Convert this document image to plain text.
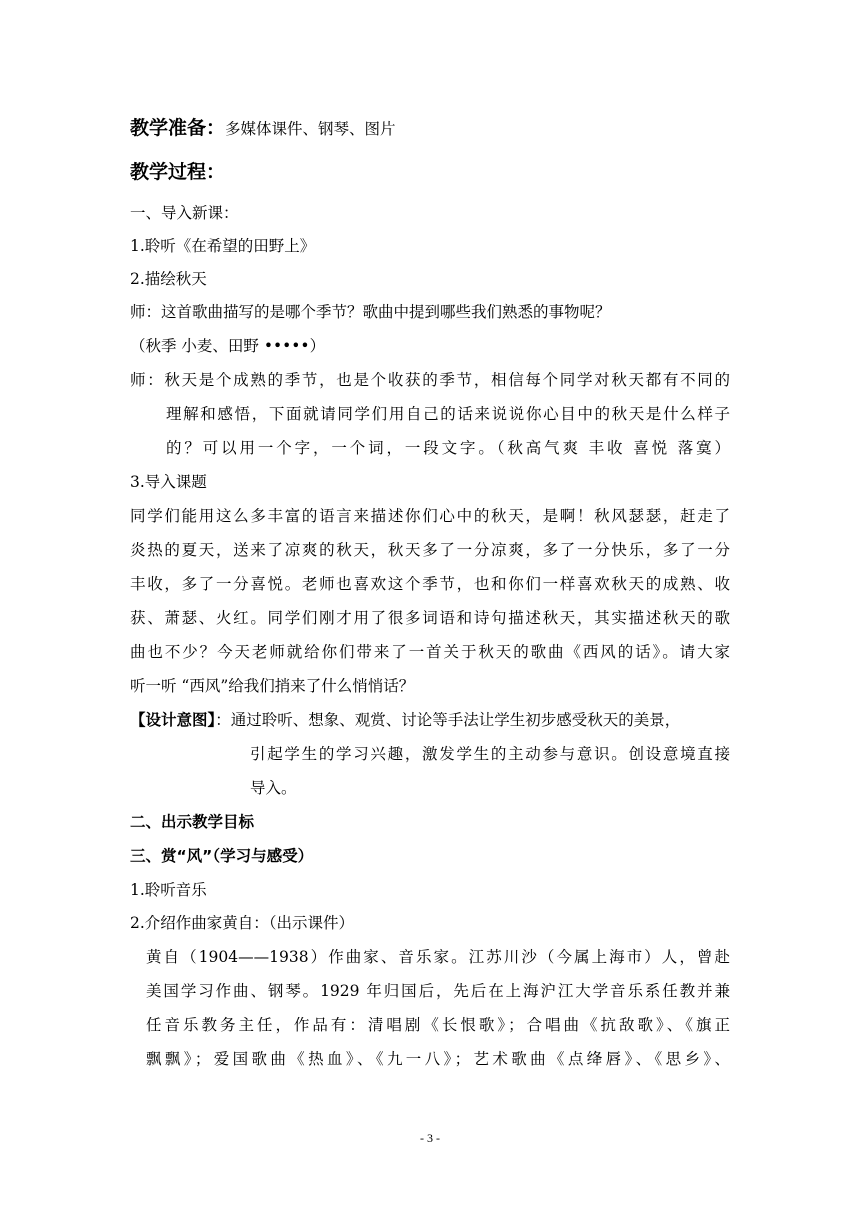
教学准备：多媒体课件、钢琴、图片
教学过程：
一、导入新课：
1.聆听《在希望的田野上》
2.描绘秋天
师：这首歌曲描写的是哪个季节？歌曲中提到哪些我们熟悉的事物呢？
（秋季 小麦、田野 •••••）
师：秋天是个成熟的季节，也是个收获的季节，相信每个同学对秋天都有不同的
理解和感悟，下面就请同学们用自己的话来说说你心目中的秋天是什么样子
的？可以用一个字，一个词，一段文字。（秋高气爽 丰收 喜悦 落寞）
3.导入课题
同学们能用这么多丰富的语言来描述你们心中的秋天，是啊！秋风瑟瑟，赶走了
炎热的夏天，送来了凉爽的秋天，秋天多了一分凉爽，多了一分快乐，多了一分
丰收，多了一分喜悦。老师也喜欢这个季节，也和你们一样喜欢秋天的成熟、收
获、萧瑟、火红。同学们刚才用了很多词语和诗句描述秋天，其实描述秋天的歌
曲也不少？今天老师就给你们带来了一首关于秋天的歌曲《西风的话》。请大家
听一听 “西风”给我们捎来了什么悄悄话？
【设计意图】：通过聆听、想象、观赏、讨论等手法让学生初步感受秋天的美景，
引起学生的学习兴趣，激发学生的主动参与意识。创设意境直接
导入。
二、出示教学目标
三、赏“风”（学习与感受）
1.聆听音乐
2.介绍作曲家黄自：（出示课件）
黄自（1904——1938）作曲家、音乐家。江苏川沙（今属上海市）人，曾赴
美国学习作曲、钢琴。1929 年归国后，先后在上海沪江大学音乐系任教并兼
任音乐教务主任，作品有：清唱剧《长恨歌》；合唱曲《抗敌歌》、《旗正
飘飘》；爱国歌曲《热血》、《九一八》；艺术歌曲《点绛唇》、《思乡》、
- 3 -
